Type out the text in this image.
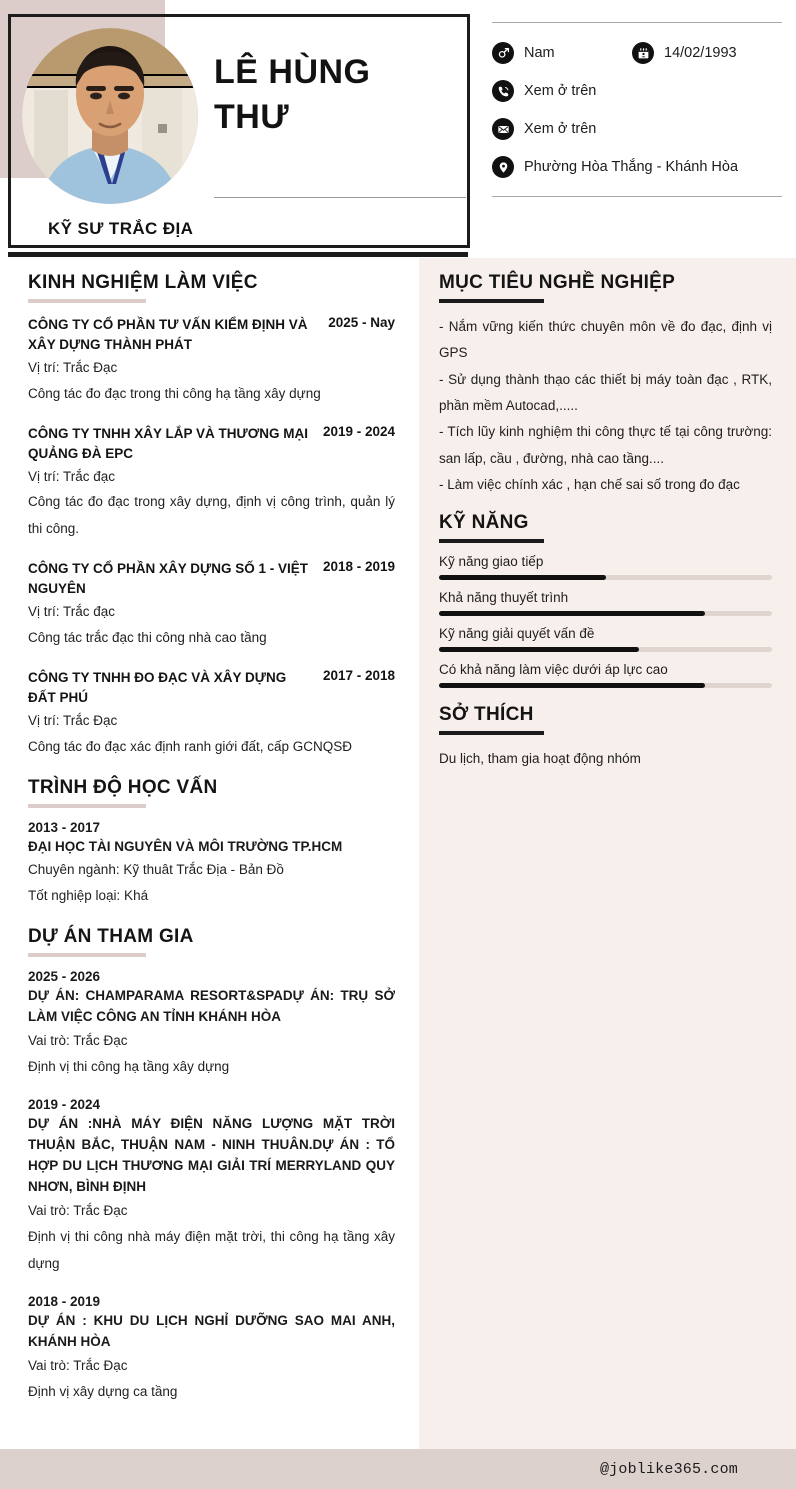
LÊ HÙNG
THƯ
KỸ SƯ TRẮC ĐỊA
Nam	14/02/1993
Xem ở trên
Xem ở trên
Phường Hòa Thắng - Khánh Hòa
KINH NGHIỆM LÀM VIỆC
CÔNG TY CỔ PHẦN TƯ VẤN KIỂM ĐỊNH VÀ XÂY DỰNG THÀNH PHÁT
2025 - Nay
Vị trí: Trắc Đạc
Công tác đo đạc trong thi công hạ tầng xây dựng
CÔNG TY TNHH XÂY LẮP VÀ THƯƠNG MẠI QUẢNG ĐÀ EPC
2019 - 2024
Vị trí: Trắc đạc
Công tác đo đạc trong xây dựng, định vị công trình, quản lý thi công.
CÔNG TY CỔ PHẦN XÂY DỰNG SỐ 1 - VIỆT NGUYÊN
2018 - 2019
Vị trí: Trắc đạc
Công tác trắc đạc thi công nhà cao tầng
CÔNG TY TNHH ĐO ĐẠC VÀ XÂY DỰNG ĐẤT PHÚ
2017 - 2018
Vị trí: Trắc Đạc
Công tác đo đạc xác định ranh giới đất, cấp GCNQSĐ
TRÌNH ĐỘ HỌC VẤN
2013 - 2017
ĐẠI HỌC TÀI NGUYÊN VÀ MÔI TRƯỜNG TP.HCM
Chuyên ngành: Kỹ thuât Trắc Địa - Bản Đồ
Tốt nghiệp loại: Khá
DỰ ÁN THAM GIA
2025 - 2026
DỰ ÁN: CHAMPARAMA RESORT&SPADỰ ÁN: TRỤ SỞ LÀM VIỆC CÔNG AN TỈNH KHÁNH HÒA
Vai trò: Trắc Đạc
Định vị thi công hạ tầng xây dựng
2019 - 2024
DỰ ÁN :NHÀ MÁY ĐIỆN NĂNG LƯỢNG MẶT TRỜI THUẬN BẮC, THUẬN NAM - NINH THUÂN.DỰ ÁN : TỔ HỢP DU LỊCH THƯƠNG MẠI GIẢI TRÍ MERRYLAND QUY NHƠN, BÌNH ĐỊNH
Vai trò: Trắc Đạc
Định vị thi công nhà máy điện mặt trời, thi công hạ tầng xây dựng
2018 - 2019
DỰ ÁN : KHU DU LỊCH NGHỈ DƯỠNG SAO MAI ANH, KHÁNH HÒA
Vai trò: Trắc Đạc
Định vị xây dựng ca tầng
MỤC TIÊU NGHỀ NGHIỆP
- Nắm vững kiến thức chuyên môn về đo đạc, định vị GPS
- Sử dụng thành thạo các thiết bị máy toàn đạc , RTK, phần mềm Autocad,.....
- Tích lũy kinh nghiệm thi công thực tế tại công trường: san lấp, cầu , đường, nhà cao tầng....
- Làm việc chính xác , hạn chế sai số trong đo đạc
KỸ NĂNG
Kỹ năng giao tiếp
Khả năng thuyết trình
Kỹ năng giải quyết vấn đề
Có khả năng làm việc dưới áp lực cao
SỞ THÍCH
Du lịch, tham gia hoạt động nhóm
@joblike365.com
